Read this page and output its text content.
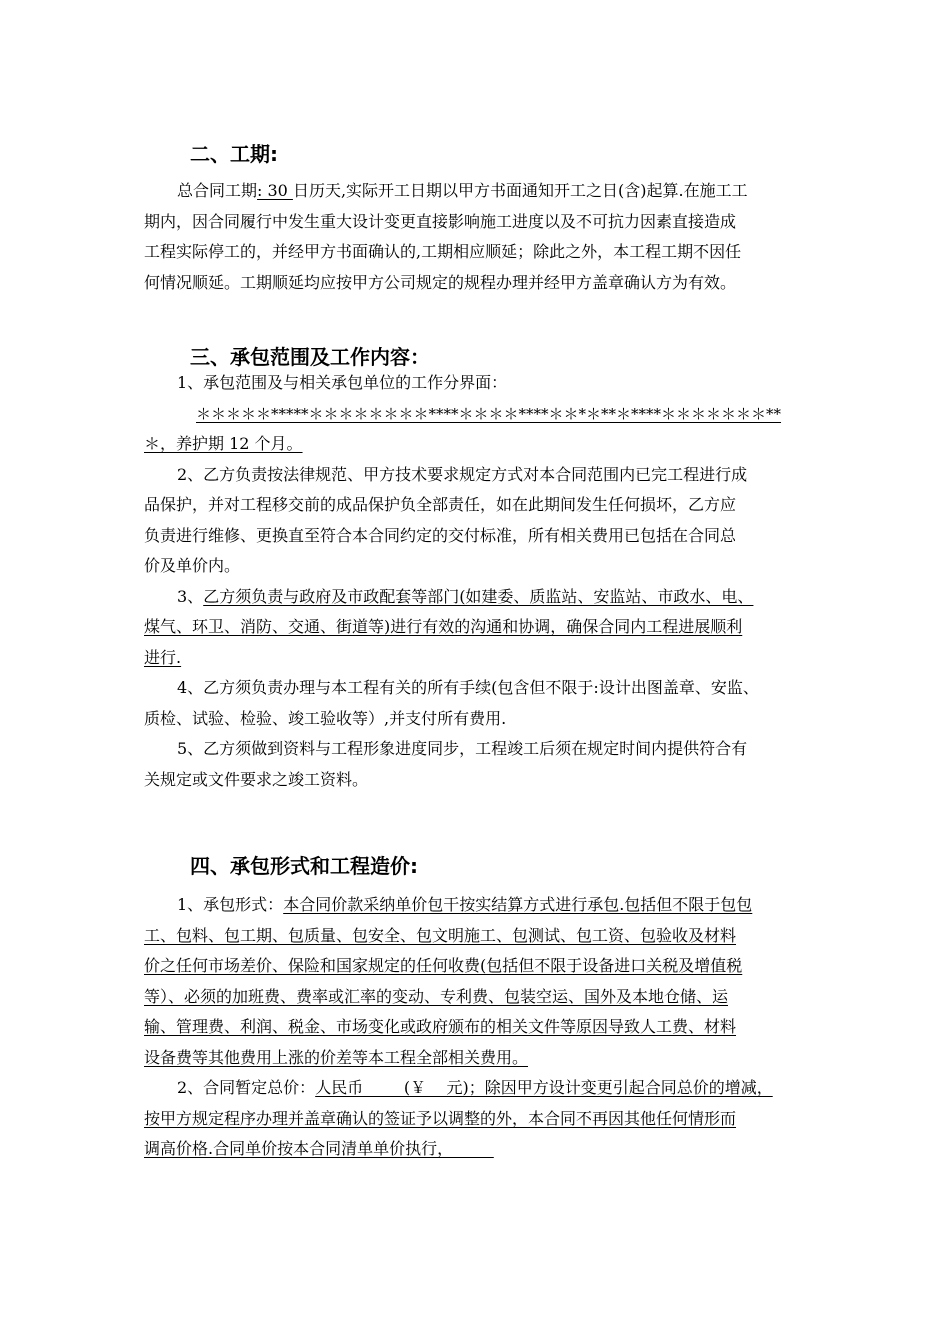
二、工期:

总合同工期: 30 日历天,实际开工日期以甲方书面通知开工之日(含)起算.在施工工

期内，因合同履行中发生重大设计变更直接影响施工进度以及不可抗力因素直接造成

工程实际停工的，并经甲方书面确认的,工期相应顺延；除此之外，本工程工期不因任

何情况顺延。工期顺延均应按甲方公司规定的规程办理并经甲方盖章确认方为有效。

三、承包范围及工作内容：

1、承包范围及与相关承包单位的工作分界面：

＊＊＊＊＊*****＊＊＊＊＊＊＊＊****＊＊＊＊****＊＊*＊**＊****＊＊＊＊＊＊＊**

＊，养护期 12 个月。

2、乙方负责按法律规范、甲方技术要求规定方式对本合同范围内已完工程进行成

品保护，并对工程移交前的成品保护负全部责任，如在此期间发生任何损坏，乙方应

负责进行维修、更换直至符合本合同约定的交付标准，所有相关费用已包括在合同总

价及单价内。

3、乙方须负责与政府及市政配套等部门(如建委、质监站、安监站、市政水、电、

煤气、环卫、消防、交通、街道等)进行有效的沟通和协调，确保合同内工程进展顺利

进行.

4、乙方须负责办理与本工程有关的所有手续(包含但不限于:设计出图盖章、安监、

质检、试验、检验、竣工验收等）,并支付所有费用.

5、乙方须做到资料与工程形象进度同步，工程竣工后须在规定时间内提供符合有

关规定或文件要求之竣工资料。

四、承包形式和工程造价:

1、承包形式：本合同价款采纳单价包干按实结算方式进行承包.包括但不限于包包

工、包料、包工期、包质量、包安全、包文明施工、包测试、包工资、包验收及材料

价之任何市场差价、保险和国家规定的任何收费(包括但不限于设备进口关税及增值税

等）、必须的加班费、费率或汇率的变动、专利费、包装空运、国外及本地仓储、运

输、管理费、利润、税金、市场变化或政府颁布的相关文件等原因导致人工费、材料

设备费等其他费用上涨的价差等本工程全部相关费用。

2、合同暂定总价：人民币        (￥    元)；除因甲方设计变更引起合同总价的增减，

按甲方规定程序办理并盖章确认的签证予以调整的外，本合同不再因其他任何情形而

调高价格.合同单价按本合同清单单价执行，
